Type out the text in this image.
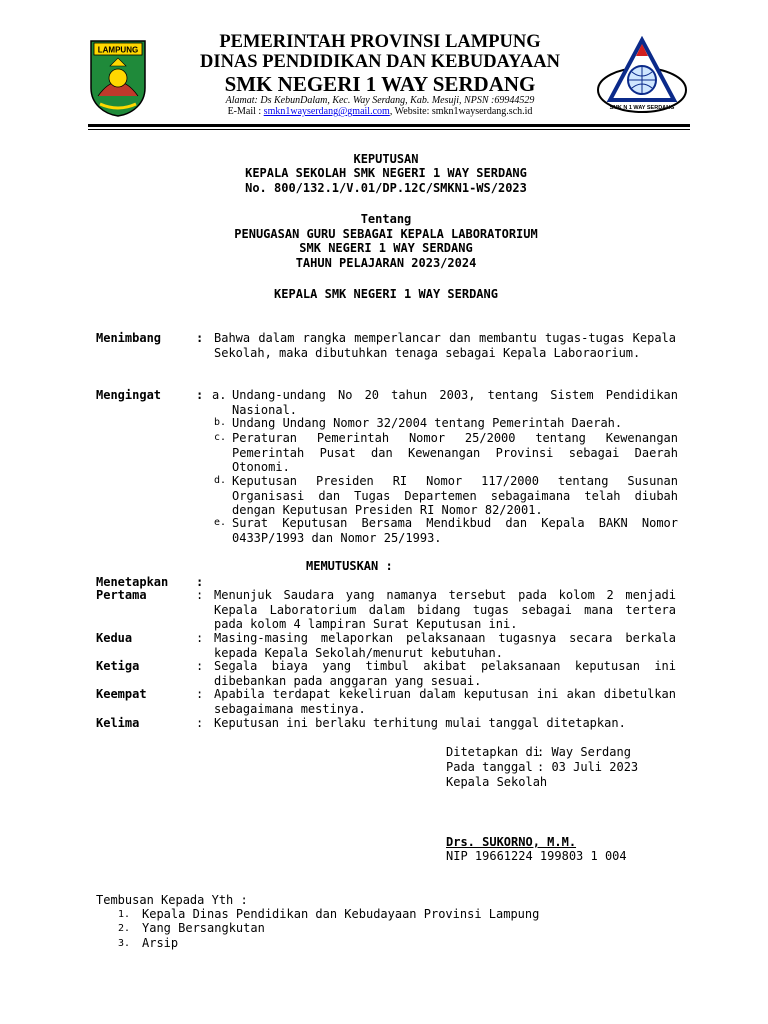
LAMPUNG
SMK N 1 WAY SERDANG
PEMERINTAH PROVINSI LAMPUNG
DINAS PENDIDIKAN DAN KEBUDAYAAN
SMK NEGERI 1 WAY SERDANG
Alamat: Ds KebunDalam, Kec. Way Serdang, Kab. Mesuji, NPSN :69944529
E-Mail : smkn1wayserdang@gmail.com, Website: smkn1wayserdang.sch.id
KEPUTUSAN
KEPALA SEKOLAH SMK NEGERI 1 WAY SERDANG
No. 800/132.1/V.01/DP.12C/SMKN1-WS/2023
Tentang
PENUGASAN GURU SEBAGAI KEPALA LABORATORIUM
SMK NEGERI 1 WAY SERDANG
TAHUN PELAJARAN 2023/2024
KEPALA SMK NEGERI 1 WAY SERDANG
Menimbang	: Bahwa dalam rangka memperlancar dan membantu tugas-tugas Kepala Sekolah, maka dibutuhkan tenaga sebagai Kepala Laboraorium.
Mengingat	: a. Undang-undang No 20 tahun 2003, tentang Sistem Pendidikan Nasional.
b. Undang Undang Nomor 32/2004 tentang Pemerintah Daerah.
c. Peraturan Pemerintah Nomor 25/2000 tentang Kewenangan Pemerintah Pusat dan Kewenangan Provinsi sebagai Daerah Otonomi.
d. Keputusan Presiden RI Nomor 117/2000 tentang Susunan Organisasi dan Tugas Departemen sebagaimana telah diubah dengan Keputusan Presiden RI Nomor 82/2001.
e. Surat Keputusan Bersama Mendikbud dan Kepala BAKN Nomor 0433P/1993 dan Nomor 25/1993.
MEMUTUSKAN :
Menetapkan :
Pertama	: Menunjuk Saudara yang namanya tersebut pada kolom 2 menjadi Kepala Laboratorium dalam bidang tugas sebagai mana tertera pada kolom 4 lampiran Surat Keputusan ini.
Kedua	: Masing-masing melaporkan pelaksanaan tugasnya secara berkala kepada Kepala Sekolah/menurut kebutuhan.
Ketiga	: Segala biaya yang timbul akibat pelaksanaan keputusan ini dibebankan pada anggaran yang sesuai.
Keempat	: Apabila terdapat kekeliruan dalam keputusan ini akan dibetulkan sebagaimana mestinya.
Kelima	: Keputusan ini berlaku terhitung mulai tanggal ditetapkan.
Ditetapkan di
: Way Serdang
Pada tanggal : 03 Juli 2023
Kepala Sekolah
Drs. SUKORNO, M.M.
NIP 19661224 199803 1 004
Tembusan Kepada Yth :
1. Kepala Dinas Pendidikan dan Kebudayaan Provinsi Lampung
2. Yang Bersangkutan
3. Arsip
